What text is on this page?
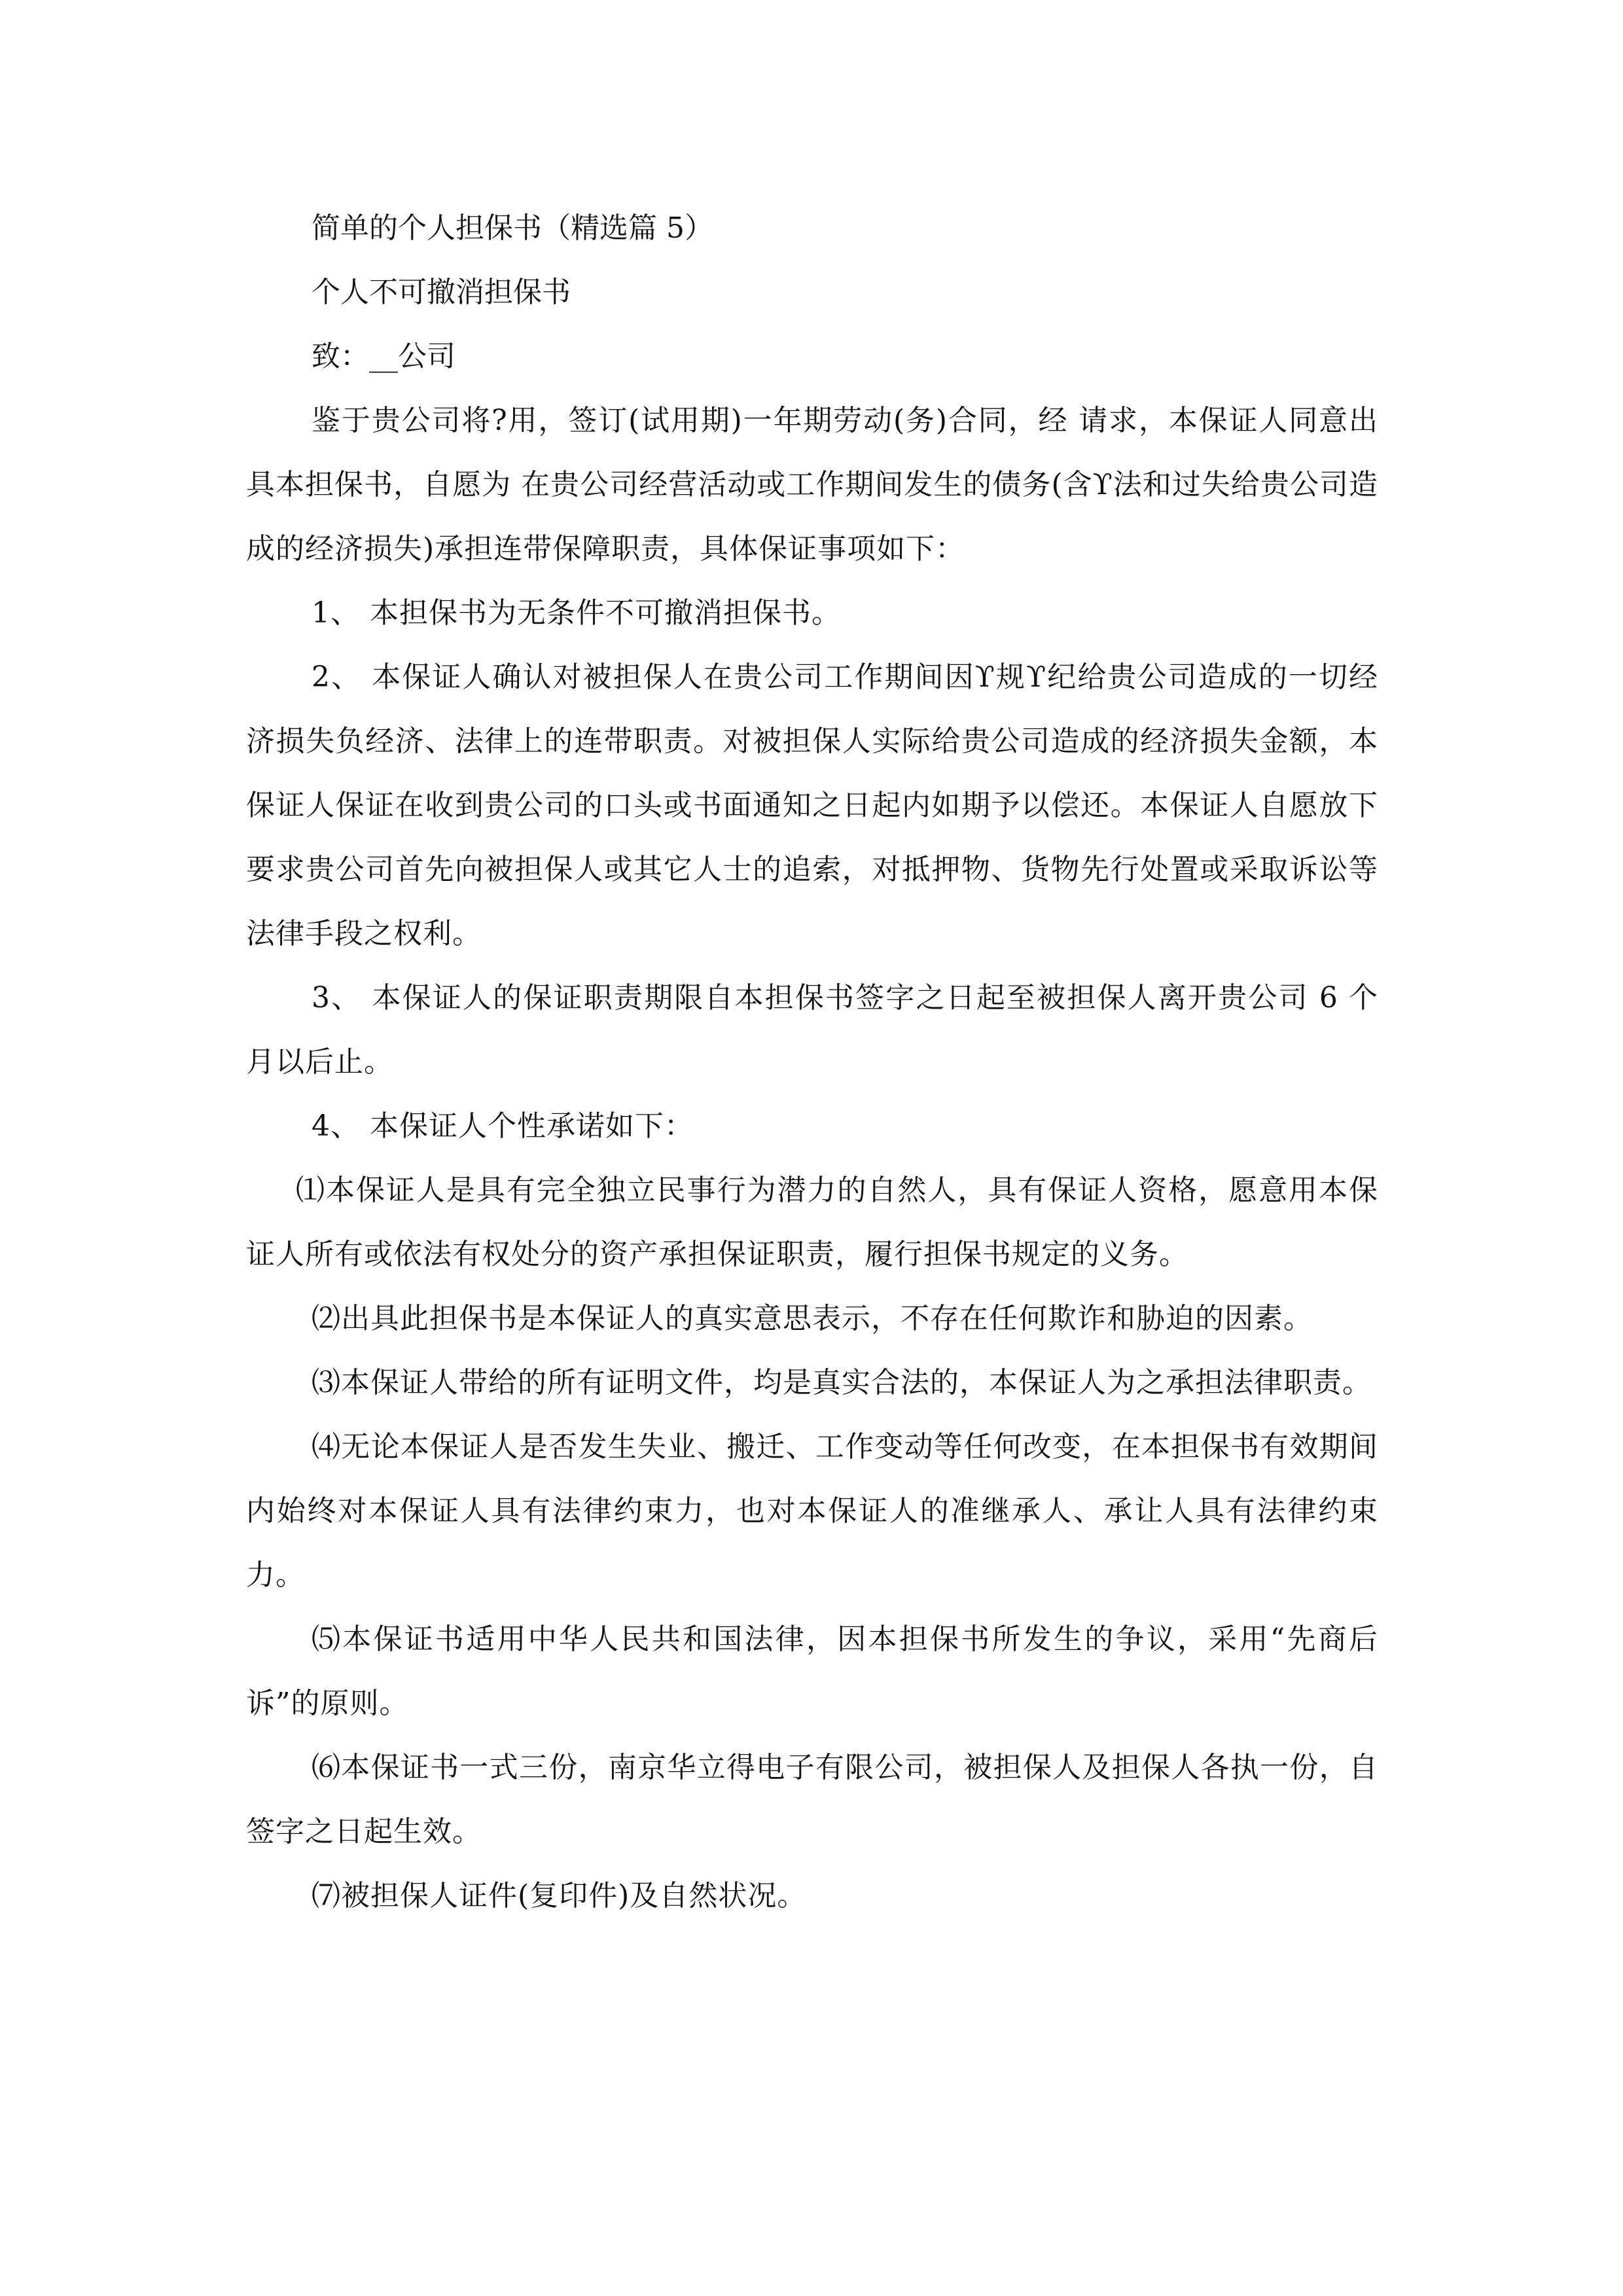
简单的个人担保书（精选篇 5）

个人不可撤消担保书

致：__公司

鉴于贵公司将?用，签订(试用期)一年期劳动(务)合同，经 请求，本保证人同意出具本担保书，自愿为 在贵公司经营活动或工作期间发生的债务(含ϒ法和过失给贵公司造成的经济损失)承担连带保障职责，具体保证事项如下：

1、 本担保书为无条件不可撤消担保书。

2、 本保证人确认对被担保人在贵公司工作期间因ϒ规ϒ纪给贵公司造成的一切经济损失负经济、法律上的连带职责。对被担保人实际给贵公司造成的经济损失金额，本保证人保证在收到贵公司的口头或书面通知之日起内如期予以偿还。本保证人自愿放下要求贵公司首先向被担保人或其它人士的追索，对抵押物、货物先行处置或采取诉讼等法律手段之权利。

3、 本保证人的保证职责期限自本担保书签字之日起至被担保人离开贵公司 6 个月以后止。

4、 本保证人个性承诺如下：

⑴本保证人是具有完全独立民事行为潜力的自然人，具有保证人资格，愿意用本保证人所有或依法有权处分的资产承担保证职责，履行担保书规定的义务。

⑵出具此担保书是本保证人的真实意思表示，不存在任何欺诈和胁迫的因素。

⑶本保证人带给的所有证明文件，均是真实合法的，本保证人为之承担法律职责。

⑷无论本保证人是否发生失业、搬迁、工作变动等任何改变，在本担保书有效期间内始终对本保证人具有法律约束力，也对本保证人的准继承人、承让人具有法律约束力。

⑸本保证书适用中华人民共和国法律，因本担保书所发生的争议，采用“先商后诉”的原则。

⑹本保证书一式三份，南京华立得电子有限公司，被担保人及担保人各执一份，自签字之日起生效。

⑺被担保人证件(复印件)及自然状况。
